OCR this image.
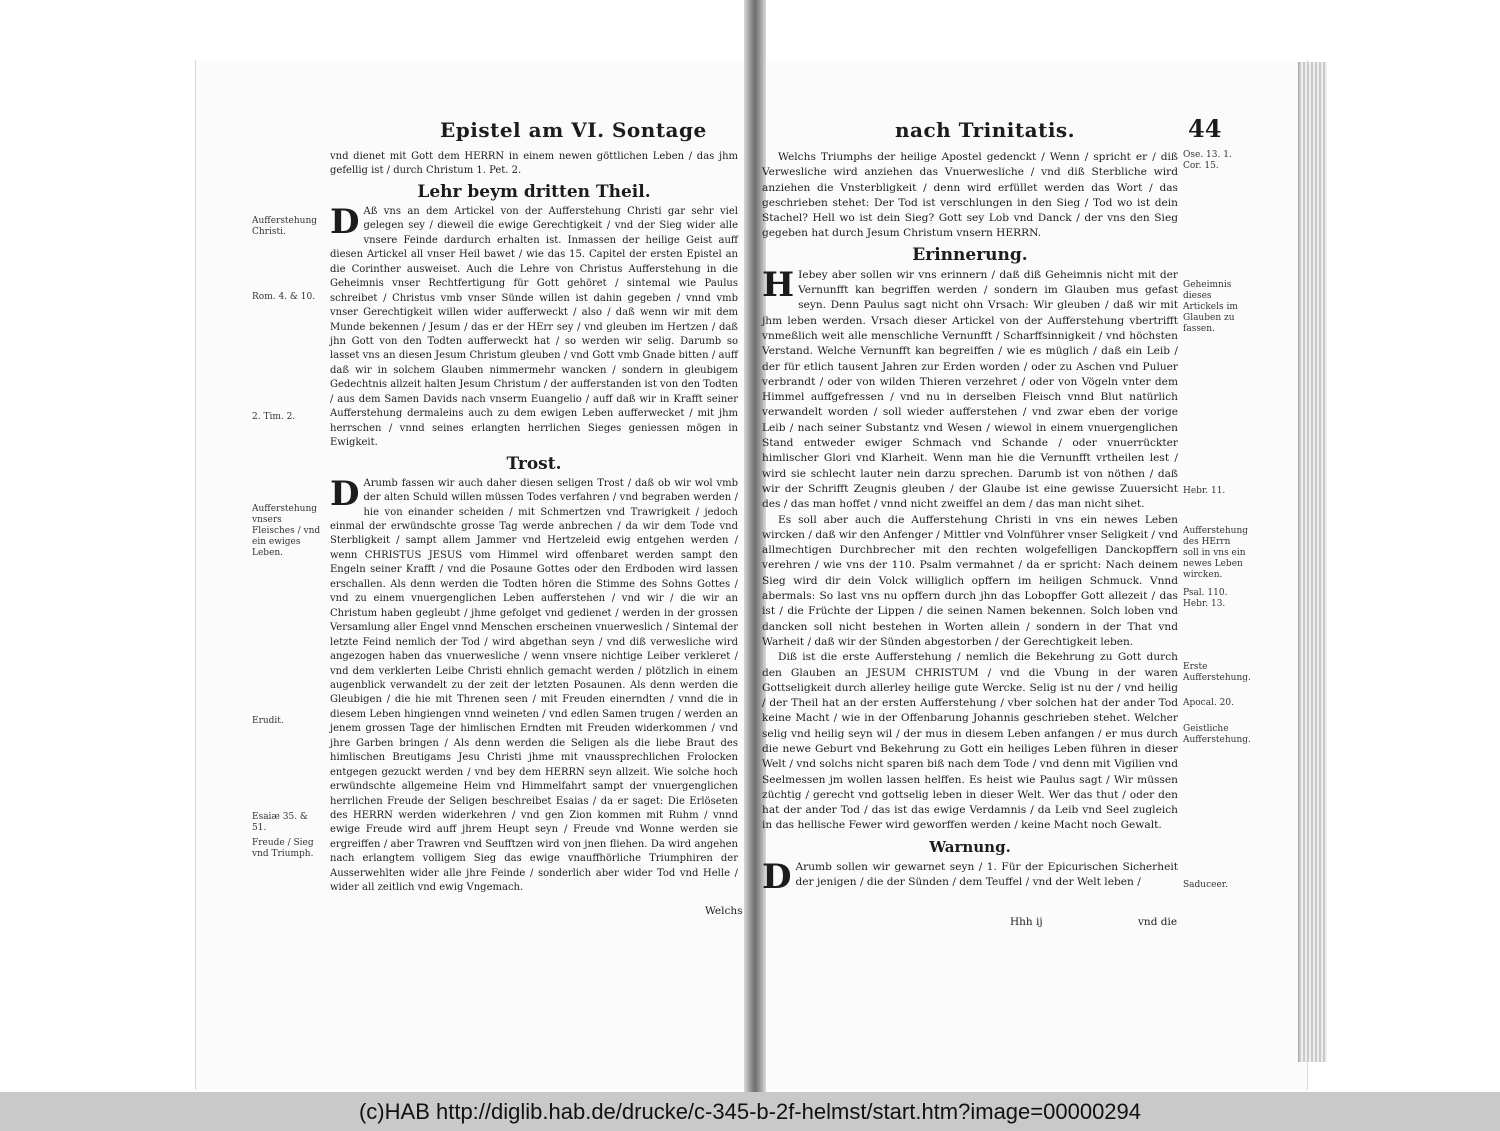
Epistel am VI. Sontage

vnd dienet mit Gott dem HERRN in einem newen göttlichen Leben / das jhm gefellig ist / durch Christum 1. Pet. 2.

Lehr beym dritten Theil.

D Aß vns an dem Artickel von der Aufferstehung Christi gar sehr viel gelegen sey / dieweil die ewige Gerechtigkeit / vnd der Sieg wider alle vnsere Feinde dardurch erhalten ist. Inmassen der heilige Geist auff diesen Artickel all vnser Heil bawet / wie das 15. Capitel der ersten Epistel an die Corinther ausweiset. Auch die Lehre von Christus Aufferstehung in die Geheimnis vnser Rechtfertigung für Gott gehöret / sintemal wie Paulus schreibet / Christus vmb vnser Sünde willen ist dahin gegeben / vnnd vmb vnser Gerechtigkeit willen wider aufferweckt / also / daß wenn wir mit dem Munde bekennen / Jesum / das er der HErr sey / vnd gleuben im Hertzen / daß jhn Gott von den Todten aufferweckt hat / so werden wir selig. Darumb so lasset vns an diesen Jesum Christum gleuben / vnd Gott vmb Gnade bitten / auff daß wir in solchem Glauben nimmermehr wancken / sondern in gleubigem Gedechtnis allzeit halten Jesum Christum / der aufferstanden ist von den Todten / aus dem Samen Davids nach vnserm Euangelio / auff daß wir in Krafft seiner Aufferstehung dermaleins auch zu dem ewigen Leben aufferwecket / mit jhm herrschen / vnnd seines erlangten herrlichen Sieges geniessen mögen in Ewigkeit.

Trost.

D Arumb fassen wir auch daher diesen seligen Trost / daß ob wir wol vmb der alten Schuld willen müssen Todes verfahren / vnd begraben werden / hie von einander scheiden / mit Schmertzen vnd Trawrigkeit / jedoch einmal der erwündschte grosse Tag werde anbrechen / da wir dem Tode vnd Sterbligkeit / sampt allem Jammer vnd Hertzeleid ewig entgehen werden / wenn CHRISTUS JESUS vom Himmel wird offenbaret werden sampt den Engeln seiner Krafft / vnd die Posaune Gottes oder den Erdboden wird lassen erschallen. Als denn werden die Todten hören die Stimme des Sohns Gottes / vnd zu einem vnuergenglichen Leben aufferstehen / vnd wir / die wir an Christum haben gegleubt / jhme gefolget vnd gedienet / werden in der grossen Versamlung aller Engel vnnd Menschen erscheinen vnuerweslich / Sintemal der letzte Feind nemlich der Tod / wird abgethan seyn / vnd diß verwesliche wird angezogen haben das vnuerwesliche / wenn vnsere nichtige Leiber verkleret / vnd dem verklerten Leibe Christi ehnlich gemacht werden / plötzlich in einem augenblick verwandelt zu der zeit der letzten Posaunen. Als denn werden die Gleubigen / die hie mit Threnen seen / mit Freuden einerndten / vnnd die in diesem Leben hingiengen vnnd weineten / vnd edlen Samen trugen / werden an jenem grossen Tage der himlischen Erndten mit Freuden widerkommen / vnd jhre Garben bringen / Als denn werden die Seligen als die liebe Braut des himlischen Breutigams Jesu Christi jhme mit vnaussprechlichen Frolocken entgegen gezuckt werden / vnd bey dem HERRN seyn allzeit. Wie solche hoch erwündschte allgemeine Heim vnd Himmelfahrt sampt der vnuergenglichen herrlichen Freude der Seligen beschreibet Esaias / da er saget: Die Erlöseten des HERRN werden widerkehren / vnd gen Zion kommen mit Ruhm / vnnd ewige Freude wird auff jhrem Heupt seyn / Freude vnd Wonne werden sie ergreiffen / aber Trawren vnd Seufftzen wird von jnen fliehen. Da wird angehen nach erlangtem volligem Sieg das ewige vnauffhörliche Triumphiren der Ausserwehlten wider alle jhre Feinde / sonderlich aber wider Tod vnd Helle / wider all zeitlich vnd ewig Vngemach.

Aufferstehung Christi.
Rom. 4. & 10.
2. Tim. 2.
Aufferstehung vnsers Fleisches / vnd ein ewiges Leben.
Erudit.
Esaiæ 35. & 51.
Freude / Sieg vnd Triumph.
Welchs
nach Trinitatis.	44

Welchs Triumphs der heilige Apostel gedenckt / Wenn / spricht er / diß Verwesliche wird anziehen das Vnuerwesliche / vnd diß Sterbliche wird anziehen die Vnsterbligkeit / denn wird erfüllet werden das Wort / das geschrieben stehet: Der Tod ist verschlungen in den Sieg / Tod wo ist dein Stachel? Hell wo ist dein Sieg? Gott sey Lob vnd Danck / der vns den Sieg gegeben hat durch Jesum Christum vnsern HERRN.

Erinnerung.

H Iebey aber sollen wir vns erinnern / daß diß Geheimnis nicht mit der Vernunfft kan begriffen werden / sondern im Glauben mus gefast seyn. Denn Paulus sagt nicht ohn Vrsach: Wir gleuben / daß wir mit jhm leben werden. Vrsach dieser Artickel von der Aufferstehung vbertrifft vnmeßlich weit alle menschliche Vernunfft / Scharffsinnigkeit / vnd höchsten Verstand. Welche Vernunfft kan begreiffen / wie es müglich / daß ein Leib / der für etlich tausent Jahren zur Erden worden / oder zu Aschen vnd Puluer verbrandt / oder von wilden Thieren verzehret / oder von Vögeln vnter dem Himmel auffgefressen / vnd nu in derselben Fleisch vnnd Blut natürlich verwandelt worden / soll wieder aufferstehen / vnd zwar eben der vorige Leib / nach seiner Substantz vnd Wesen / wiewol in einem vnuergenglichen Stand entweder ewiger Schmach vnd Schande / oder vnuerrückter himlischer Glori vnd Klarheit. Wenn man hie die Vernunfft vrtheilen lest / wird sie schlecht lauter nein darzu sprechen. Darumb ist von nöthen / daß wir der Schrifft Zeugnis gleuben / der Glaube ist eine gewisse Zuuersicht des / das man hoffet / vnnd nicht zweiffel an dem / das man nicht sihet.

Es soll aber auch die Aufferstehung Christi in vns ein newes Leben wircken / daß wir den Anfenger / Mittler vnd Volnführer vnser Seligkeit / vnd allmechtigen Durchbrecher mit den rechten wolgefelligen Danckopffern verehren / wie vns der 110. Psalm vermahnet / da er spricht: Nach deinem Sieg wird dir dein Volck williglich opffern im heiligen Schmuck. Vnnd abermals: So last vns nu opffern durch jhn das Lobopffer Gott allezeit / das ist / die Früchte der Lippen / die seinen Namen bekennen. Solch loben vnd dancken soll nicht bestehen in Worten allein / sondern in der That vnd Warheit / daß wir der Sünden abgestorben / der Gerechtigkeit leben.

Diß ist die erste Aufferstehung / nemlich die Bekehrung zu Gott durch den Glauben an JESUM CHRISTUM / vnd die Vbung in der waren Gottseligkeit durch allerley heilige gute Wercke. Selig ist nu der / vnd heilig / der Theil hat an der ersten Aufferstehung / vber solchen hat der ander Tod keine Macht / wie in der Offenbarung Johannis geschrieben stehet. Welcher selig vnd heilig seyn wil / der mus in diesem Leben anfangen / er mus durch die newe Geburt vnd Bekehrung zu Gott ein heiliges Leben führen in dieser Welt / vnd solchs nicht sparen biß nach dem Tode / vnd denn mit Vigilien vnd Seelmessen jm wollen lassen helffen. Es heist wie Paulus sagt / Wir müssen züchtig / gerecht vnd gottselig leben in dieser Welt. Wer das thut / oder den hat der ander Tod / das ist das ewige Verdamnis / da Leib vnd Seel zugleich in das hellische Fewer wird geworffen werden / keine Macht noch Gewalt.

Warnung.

D Arumb sollen wir gewarnet seyn / 1. Für der Epicurischen Sicherheit der jenigen / die der Sünden / dem Teuffel / vnd der Welt leben /

Ose. 13. 1. Cor. 15.
Geheimnis dieses Artickels im Glauben zu fassen.
Hebr. 11.
Aufferstehung des HErrn soll in vns ein newes Leben wircken.
Psal. 110. Hebr. 13.
Erste Aufferstehung.
Apocal. 20.
Geistliche Aufferstehung.
Saduceer.
Hhh ij	vnd die
(c)HAB http://diglib.hab.de/drucke/c-345-b-2f-helmst/start.htm?image=00000294
